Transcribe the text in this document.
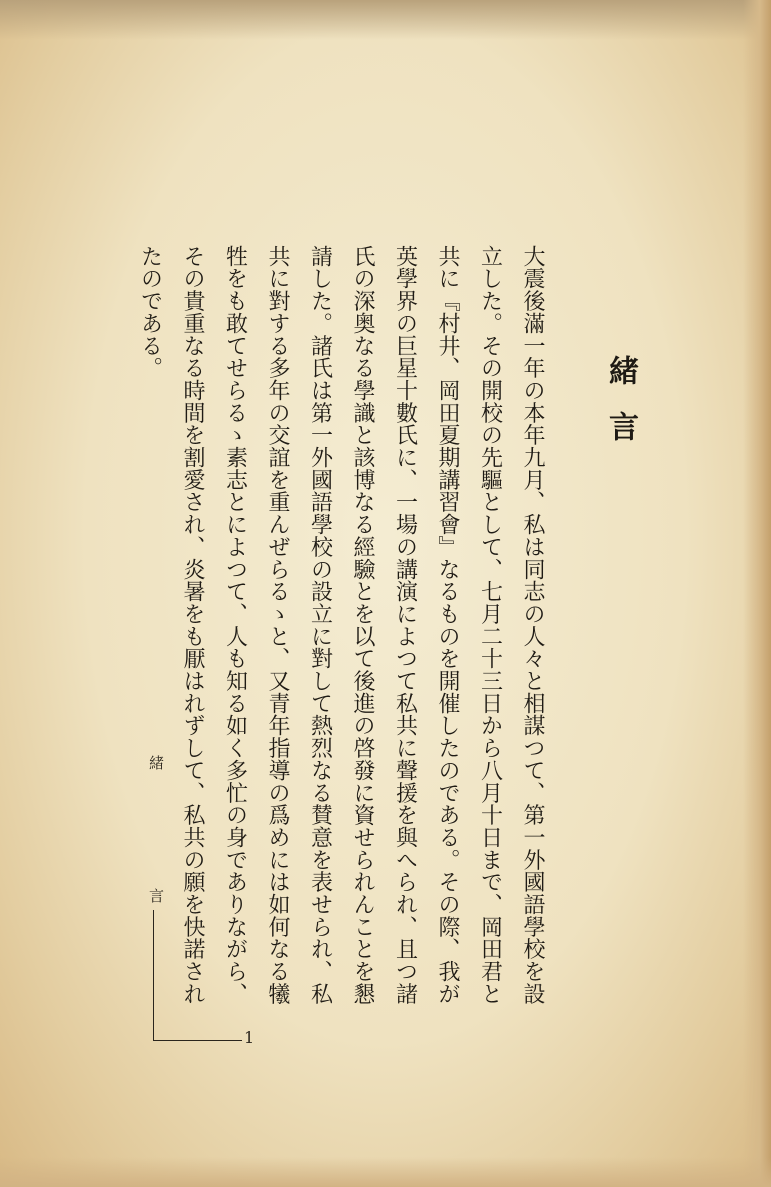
緒言
大震後滿一年の本年九月、私は同志の人々と相謀つて、第一外國語學校を設立した。その開校の先驅として、七月二十三日から八月十日まで、岡田君と共に『村井、岡田夏期講習會』なるものを開催したのである。その際、我が英學界の巨星十數氏に、一場の講演によつて私共に聲援を與へられ、且つ諸氏の深奥なる學識と該博なる經驗とを以て後進の啓發に資せられんことを懇請した。諸氏は第一外國語學校の設立に對して熱烈なる賛意を表せられ、私共に對する多年の交誼を重んぜらるゝと、又青年指導の爲めには如何なる犧牲をも敢てせらるゝ素志とによつて、人も知る如く多忙の身でありながら、その貴重なる時間を割愛され、炎暑をも厭はれずして、私共の願を快諾されたのである。
緒
言
1
